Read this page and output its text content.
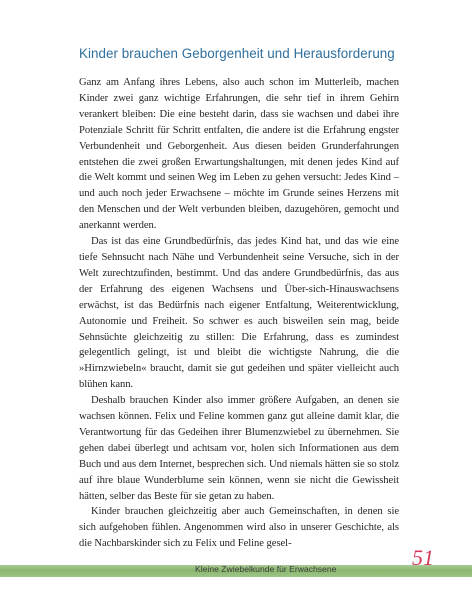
Kinder brauchen Geborgenheit und Herausforderung

Ganz am Anfang ihres Lebens, also auch schon im Mutterleib, machen Kinder zwei ganz wichtige Erfahrungen, die sehr tief in ihrem Gehirn verankert bleiben: Die eine besteht darin, dass sie wachsen und dabei ihre Potenziale Schritt für Schritt entfalten, die andere ist die Erfahrung engster Verbundenheit und Geborgenheit. Aus diesen beiden Grunderfahrungen entstehen die zwei großen Erwartungshaltungen, mit denen jedes Kind auf die Welt kommt und seinen Weg im Leben zu gehen versucht: Jedes Kind – und auch noch jeder Erwachsene – möchte im Grunde seines Herzens mit den Menschen und der Welt verbunden bleiben, dazugehören, gemocht und anerkannt werden.

Das ist das eine Grundbedürfnis, das jedes Kind hat, und das wie eine tiefe Sehnsucht nach Nähe und Verbundenheit seine Versuche, sich in der Welt zurechtzufinden, bestimmt. Und das andere Grundbedürfnis, das aus der Erfahrung des eigenen Wachsens und Über-sich-Hinauswachsens erwächst, ist das Bedürfnis nach eigener Entfaltung, Weiterentwicklung, Autonomie und Freiheit. So schwer es auch bisweilen sein mag, beide Sehnsüchte gleichzeitig zu stillen: Die Erfahrung, dass es zumindest gelegentlich gelingt, ist und bleibt die wichtigste Nahrung, die die »Hirnzwiebeln« braucht, damit sie gut gedeihen und später vielleicht auch blühen kann.

Deshalb brauchen Kinder also immer größere Aufgaben, an denen sie wachsen können. Felix und Feline kommen ganz gut alleine damit klar, die Verantwortung für das Gedeihen ihrer Blumenzwiebel zu übernehmen. Sie gehen dabei überlegt und achtsam vor, holen sich Informationen aus dem Buch und aus dem Internet, besprechen sich. Und niemals hätten sie so stolz auf ihre blaue Wunderblume sein können, wenn sie nicht die Gewissheit hätten, selber das Beste für sie getan zu haben.

Kinder brauchen gleichzeitig aber auch Gemeinschaften, in denen sie sich aufgehoben fühlen. Angenommen wird also in unserer Geschichte, als die Nachbarskinder sich zu Felix und Feline gesel-

Kleine Zwiebelkunde für Erwachsene	51
